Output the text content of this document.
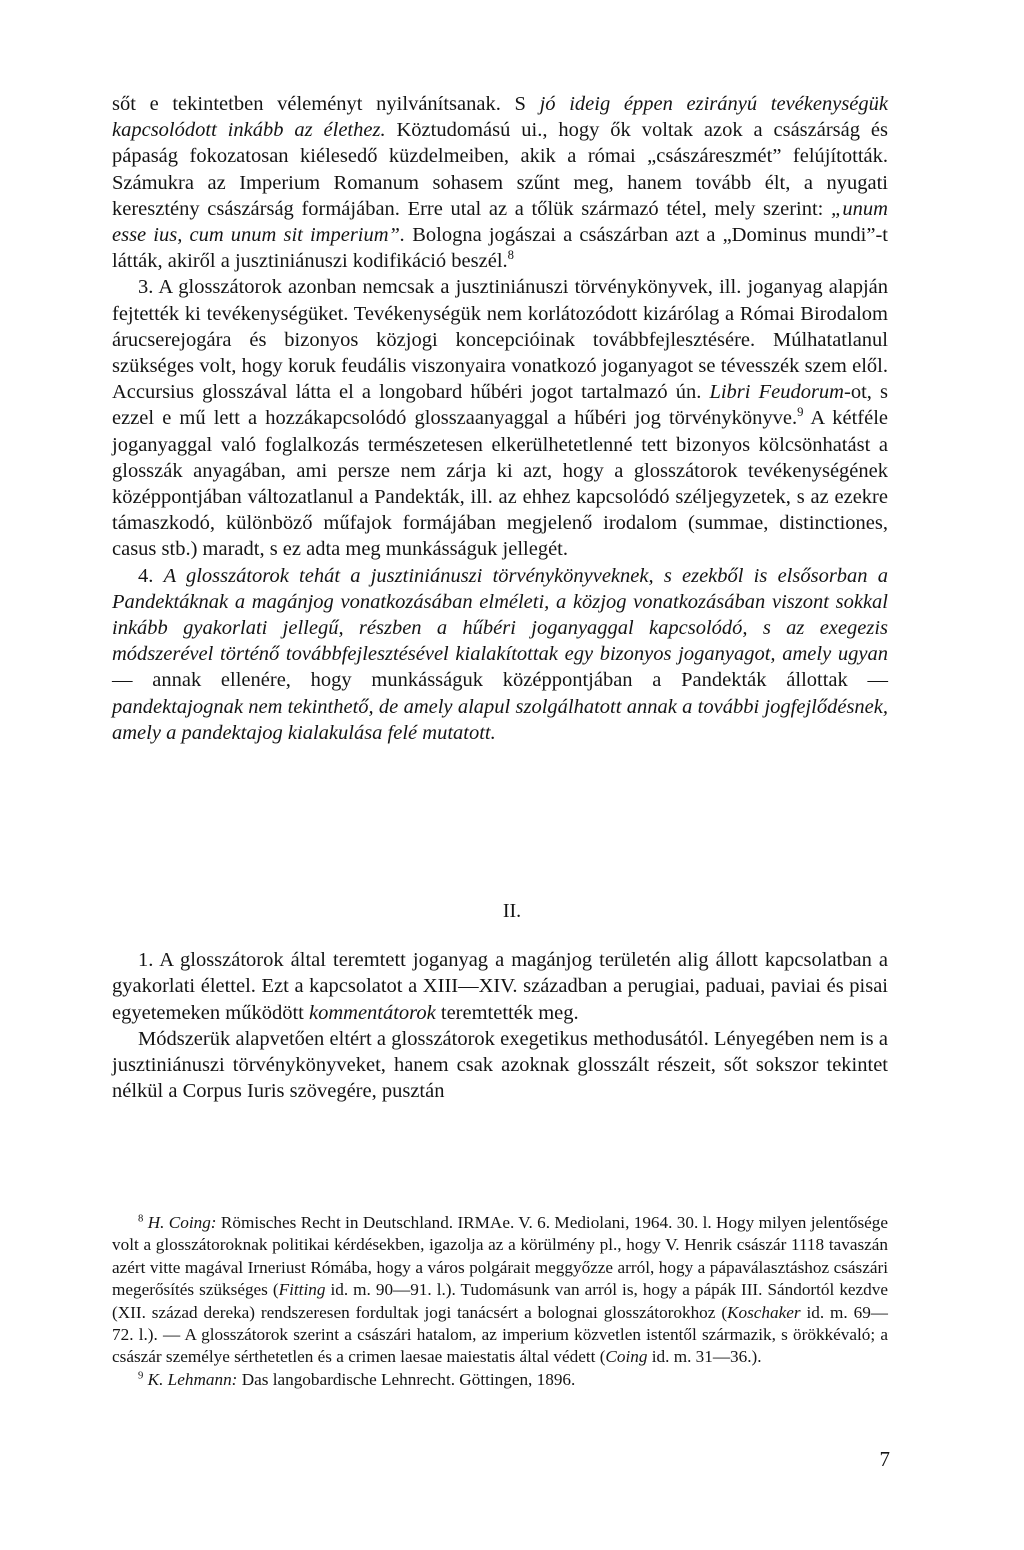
sőt e tekintetben véleményt nyilvánítsanak. S jó ideig éppen ezirányú tevékenységük kapcsolódott inkább az élethez. Köztudomású ui., hogy ők voltak azok a császárság és pápaság fokozatosan kiélesedő küzdelmeiben, akik a római „császáreszmét” felújították. Számukra az Imperium Romanum sohasem szűnt meg, hanem tovább élt, a nyugati keresztény császárság formájában. Erre utal az a tőlük származó tétel, mely szerint: „unum esse ius, cum unum sit imperium”. Bologna jogászai a császárban azt a „Dominus mundi”-t látták, akiről a jusztiniánuszi kodifikáció beszél.$^8$

3. A glosszátorok azonban nemcsak a jusztiniánuszi törvénykönyvek, ill. joganyag alapján fejtették ki tevékenységüket. Tevékenységük nem korlátozódott kizárólag a Római Birodalom árucserejogára és bizonyos közjogi koncepcióinak továbbfejlesztésére. Múlhatatlanul szükséges volt, hogy koruk feudális viszonyaira vonatkozó joganyagot se tévesszék szem elől. Accursius glosszával látta el a longobard hűbéri jogot tartalmazó ún. Libri Feudorum-ot, s ezzel e mű lett a hozzákapcsolódó glosszaanyaggal a hűbéri jog törvénykönyve.$^9$ A kétféle joganyaggal való foglalkozás természetesen elkerülhetetlenné tett bizonyos kölcsönhatást a glosszák anyagában, ami persze nem zárja ki azt, hogy a glosszátorok tevékenységének középpontjában változatlanul a Pandekták, ill. az ehhez kapcsolódó széljegyzetek, s az ezekre támaszkodó, különböző műfajok formájában megjelenő irodalom (summae, distinctiones, casus stb.) maradt, s ez adta meg munkásságuk jellegét.

4. A glosszátorok tehát a jusztiniánuszi törvénykönyveknek, s ezekből is elsősorban a Pandektáknak a magánjog vonatkozásában elméleti, a közjog vonatkozásában viszont sokkal inkább gyakorlati jellegű, részben a hűbéri joganyaggal kapcsolódó, s az exegezis módszerével történő továbbfejlesztésével kialakítottak egy bizonyos joganyagot, amely ugyan — annak ellenére, hogy munkásságuk középpontjában a Pandekták állottak — pandektajognak nem tekinthető, de amely alapul szolgálhatott annak a további jogfejlődésnek, amely a pandektajog kialakulása felé mutatott.

II.

1. A glosszátorok által teremtett joganyag a magánjog területén alig állott kapcsolatban a gyakorlati élettel. Ezt a kapcsolatot a XIII—XIV. században a perugiai, paduai, paviai és pisai egyetemeken működött kommentátorok teremtették meg.

Módszerük alapvetően eltért a glosszátorok exegetikus methodusától. Lényegében nem is a jusztiniánuszi törvénykönyveket, hanem csak azoknak glosszált részeit, sőt sokszor tekintet nélkül a Corpus Iuris szövegére, pusztán

$^8$ H. Coing: Römisches Recht in Deutschland. IRMAe. V. 6. Mediolani, 1964. 30. l. Hogy milyen jelentősége volt a glosszátoroknak politikai kérdésekben, igazolja az a körülmény pl., hogy V. Henrik császár 1118 tavaszán azért vitte magával Irneriust Rómába, hogy a város polgárait meggyőzze arról, hogy a pápaválasztáshoz császári megerősítés szükséges (Fitting id. m. 90—91. l.). Tudomásunk van arról is, hogy a pápák III. Sándortól kezdve (XII. század dereka) rendszeresen fordultak jogi tanácsért a bolognai glosszátorokhoz (Koschaker id. m. 69—72. l.). — A glosszátorok szerint a császári hatalom, az imperium közvetlen istentől származik, s örökkévaló; a császár személye sérthetetlen és a crimen laesae maiestatis által védett (Coing id. m. 31—36.).

$^9$ K. Lehmann: Das langobardische Lehnrecht. Göttingen, 1896.

7
